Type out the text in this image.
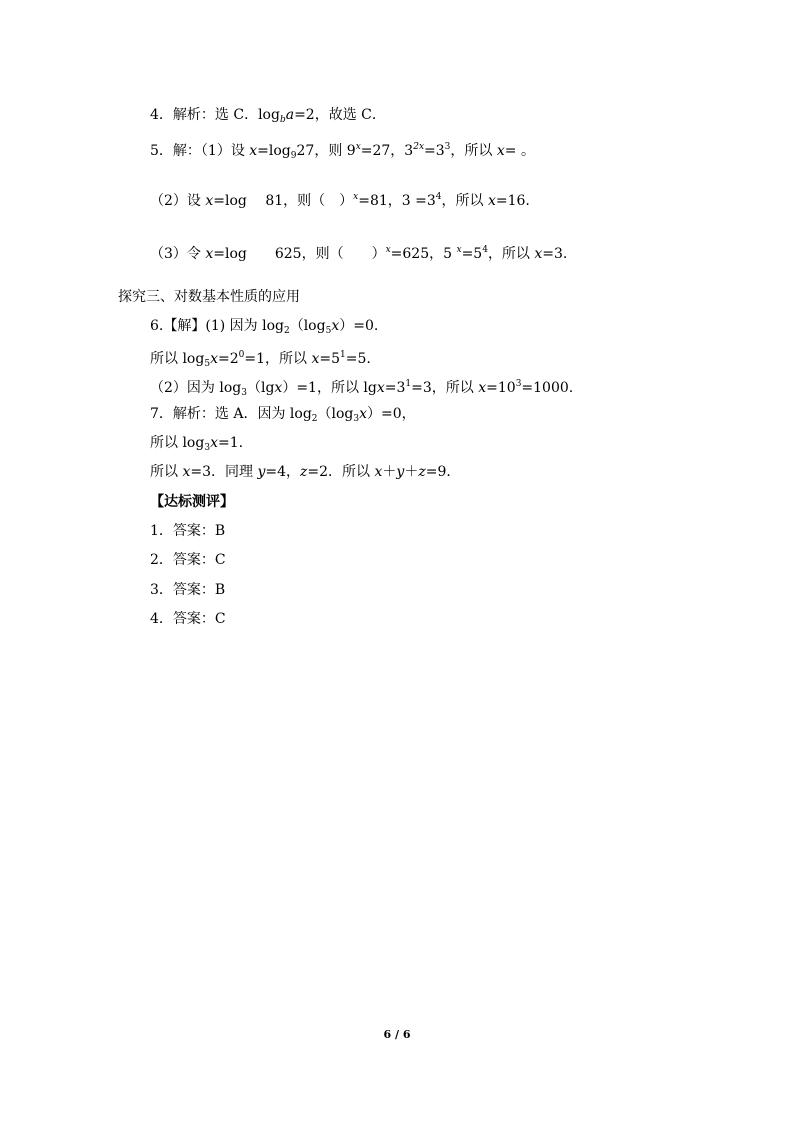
4．解析：选 C．$\log_ba=2$，故选 C．
5．解：（1）设 $x=\log_927$，则 $9^x=27$，$3^{2x}=3^3$，所以 x= 。
（2）设 x=log　 81，则（　）$^x$=81，$3 =3^4$，所以 x=16.
（3）令 x=log　　625，则（　　）$^x$=625，5 $^x=5^4$，所以 x=3.
探究三、对数基本性质的应用
6.【解】(1) 因为 $\log_2(\log_5x)=0$.
所以 $\log_5x=2^0=1$，所以 $x=5^1=5$.
（2）因为 $\log_3(\lg x)=1$，所以 $\lg x=3^1=3$，所以 $x=10^3=1000$.
7．解析：选 A．因为 $\log_2(\log_3x)=0$，
所以 $\log_3x=1$.
所以 x=3．同理 y=4，z=2．所以 x＋y＋z=9．
【达标测评】
1．答案：B
2．答案：C
3．答案：B
4．答案：C
6 / 6
